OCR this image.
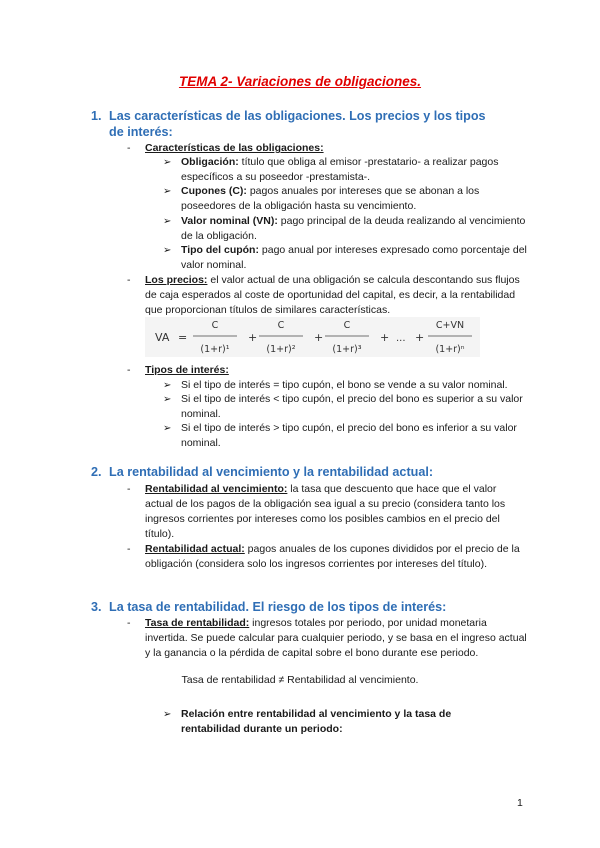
TEMA 2- Variaciones de obligaciones.
1. Las características de las obligaciones. Los precios y los tipos de interés:
-	Características de las obligaciones:
➢ Obligación: título que obliga al emisor -prestatario- a realizar pagos específicos a su poseedor -prestamista-.
➢ Cupones (C): pagos anuales por intereses que se abonan a los poseedores de la obligación hasta su vencimiento.
➢ Valor nominal (VN): pago principal de la deuda realizando al vencimiento de la obligación.
➢ Tipo del cupón: pago anual por intereses expresado como porcentaje del valor nominal.
-	Los precios: el valor actual de una obligación se calcula descontando sus flujos de caja esperados al coste de oportunidad del capital, es decir, a la rentabilidad que proporcionan títulos de similares características.
VA =
C
(1+r)¹
+
C
(1+r)²
+
C
(1+r)³
+ ... +
C+VN
(1+r)ⁿ
-	Tipos de interés:
➢ Si el tipo de interés = tipo cupón, el bono se vende a su valor nominal.
➢ Si el tipo de interés < tipo cupón, el precio del bono es superior a su valor nominal.
➢ Si el tipo de interés > tipo cupón, el precio del bono es inferior a su valor nominal.
2. La rentabilidad al vencimiento y la rentabilidad actual:
-	Rentabilidad al vencimiento: la tasa que descuento que hace que el valor actual de los pagos de la obligación sea igual a su precio (considera tanto los ingresos corrientes por intereses como los posibles cambios en el precio del título).
-	Rentabilidad actual: pagos anuales de los cupones divididos por el precio de la obligación (considera solo los ingresos corrientes por intereses del título).
3. La tasa de rentabilidad. El riesgo de los tipos de interés:
-	Tasa de rentabilidad: ingresos totales por periodo, por unidad monetaria invertida. Se puede calcular para cualquier periodo, y se basa en el ingreso actual y la ganancia o la pérdida de capital sobre el bono durante ese periodo.
Tasa de rentabilidad ≠ Rentabilidad al vencimiento.
➢ Relación entre rentabilidad al vencimiento y la tasa de rentabilidad durante un periodo:
1
